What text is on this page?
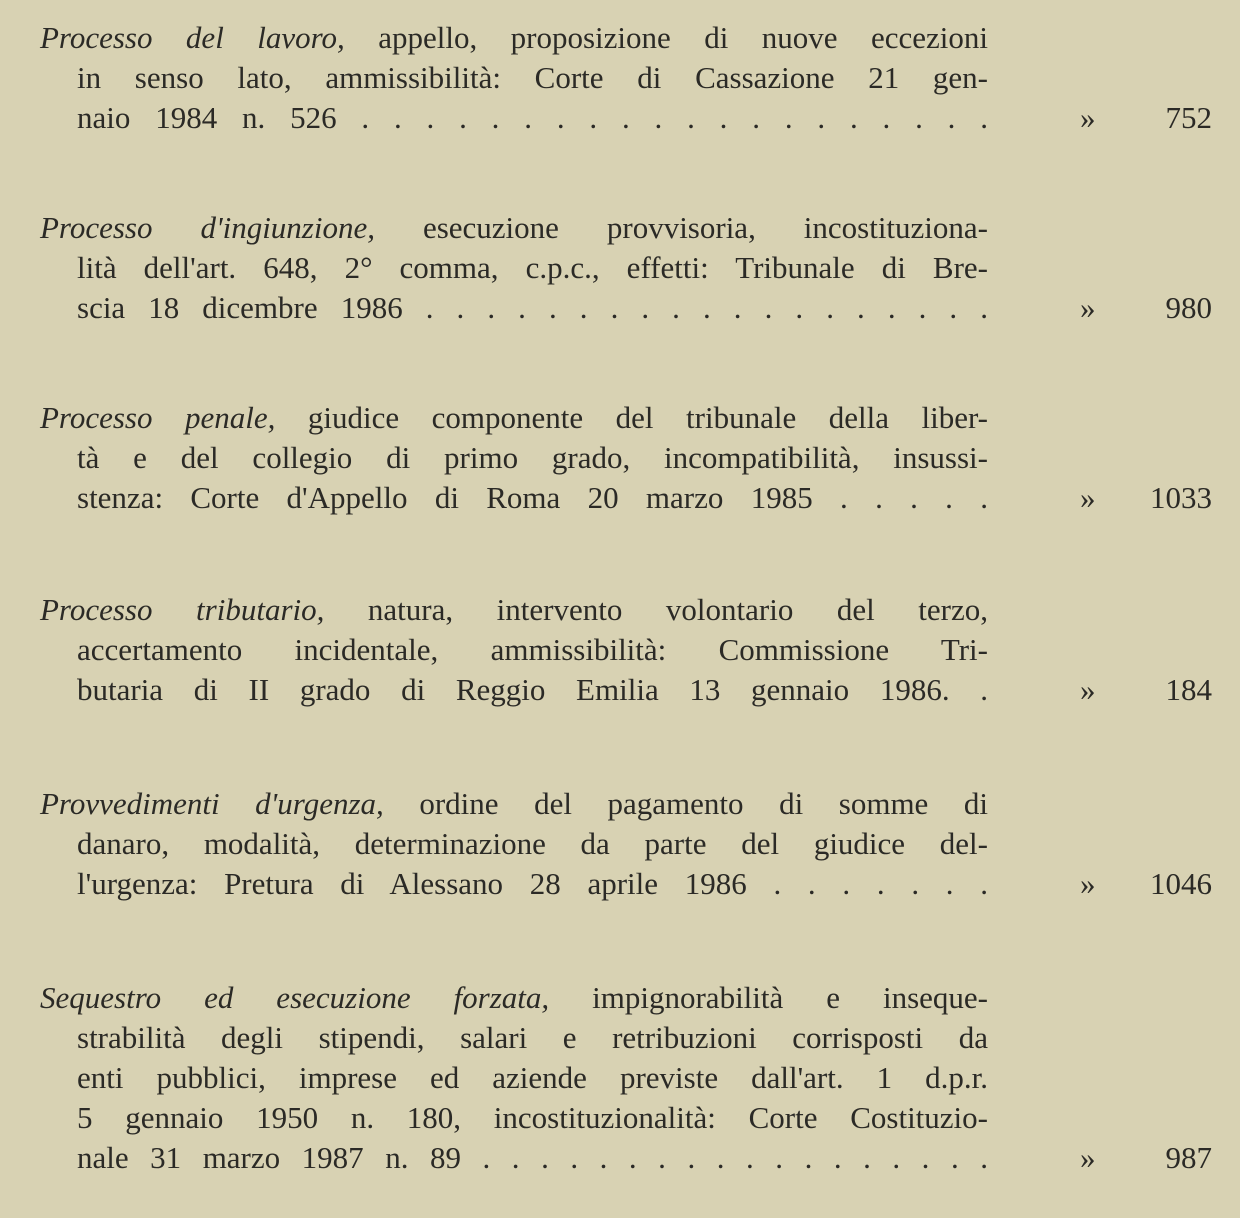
Processo del lavoro, appello, proposizione di nuove eccezioni
in senso lato, ammissibilità: Corte di Cassazione 21 gen-
naio 1984 n. 526 . . . . . . . . . . . . . . . . . . . .	» 752
Processo d'ingiunzione, esecuzione provvisoria, incostituziona-
lità dell'art. 648, 2° comma, c.p.c., effetti: Tribunale di Bre-
scia 18 dicembre 1986 . . . . . . . . . . . . . . . . . . .	» 980
Processo penale, giudice componente del tribunale della liber-
tà e del collegio di primo grado, incompatibilità, insussi-
stenza: Corte d'Appello di Roma 20 marzo 1985 . . . . .	» 1033
Processo tributario, natura, intervento volontario del terzo,
accertamento incidentale, ammissibilità: Commissione Tri-
butaria di II grado di Reggio Emilia 13 gennaio 1986. .	» 184
Provvedimenti d'urgenza, ordine del pagamento di somme di
danaro, modalità, determinazione da parte del giudice del-
l'urgenza: Pretura di Alessano 28 aprile 1986 . . . . . . .	» 1046
Sequestro ed esecuzione forzata, impignorabilità e inseque-
strabilità degli stipendi, salari e retribuzioni corrisposti da
enti pubblici, imprese ed aziende previste dall'art. 1 d.p.r.
5 gennaio 1950 n. 180, incostituzionalità: Corte Costituzio-
nale 31 marzo 1987 n. 89 . . . . . . . . . . . . . . . . . .	» 987
